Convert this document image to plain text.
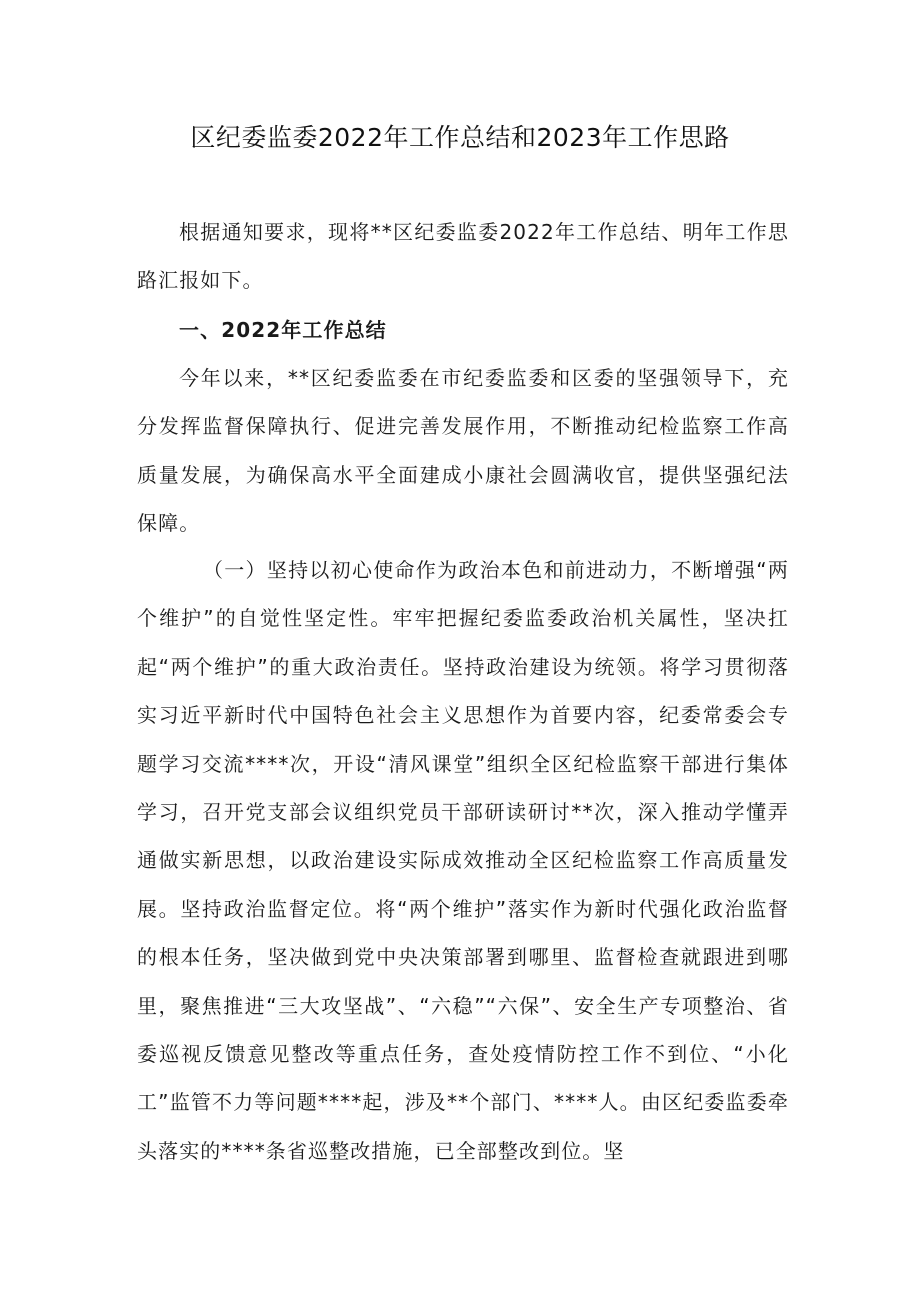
区纪委监委2022年工作总结和2023年工作思路

根据通知要求，现将**区纪委监委2022年工作总结、明年工作思路汇报如下。

一、2022年工作总结

今年以来，**区纪委监委在市纪委监委和区委的坚强领导下，充分发挥监督保障执行、促进完善发展作用，不断推动纪检监察工作高质量发展，为确保高水平全面建成小康社会圆满收官，提供坚强纪法保障。

（一）坚持以初心使命作为政治本色和前进动力，不断增强“两个维护”的自觉性坚定性。牢牢把握纪委监委政治机关属性，坚决扛起“两个维护”的重大政治责任。坚持政治建设为统领。将学习贯彻落实习近平新时代中国特色社会主义思想作为首要内容，纪委常委会专题学习交流****次，开设“清风课堂”组织全区纪检监察干部进行集体学习，召开党支部会议组织党员干部研读研讨**次，深入推动学懂弄通做实新思想，以政治建设实际成效推动全区纪检监察工作高质量发展。坚持政治监督定位。将“两个维护”落实作为新时代强化政治监督的根本任务，坚决做到党中央决策部署到哪里、监督检查就跟进到哪里，聚焦推进“三大攻坚战”、“六稳”“六保”、安全生产专项整治、省委巡视反馈意见整改等重点任务，查处疫情防控工作不到位、“小化工”监管不力等问题****起，涉及**个部门、****人。由区纪委监委牵头落实的****条省巡整改措施，已全部整改到位。坚
